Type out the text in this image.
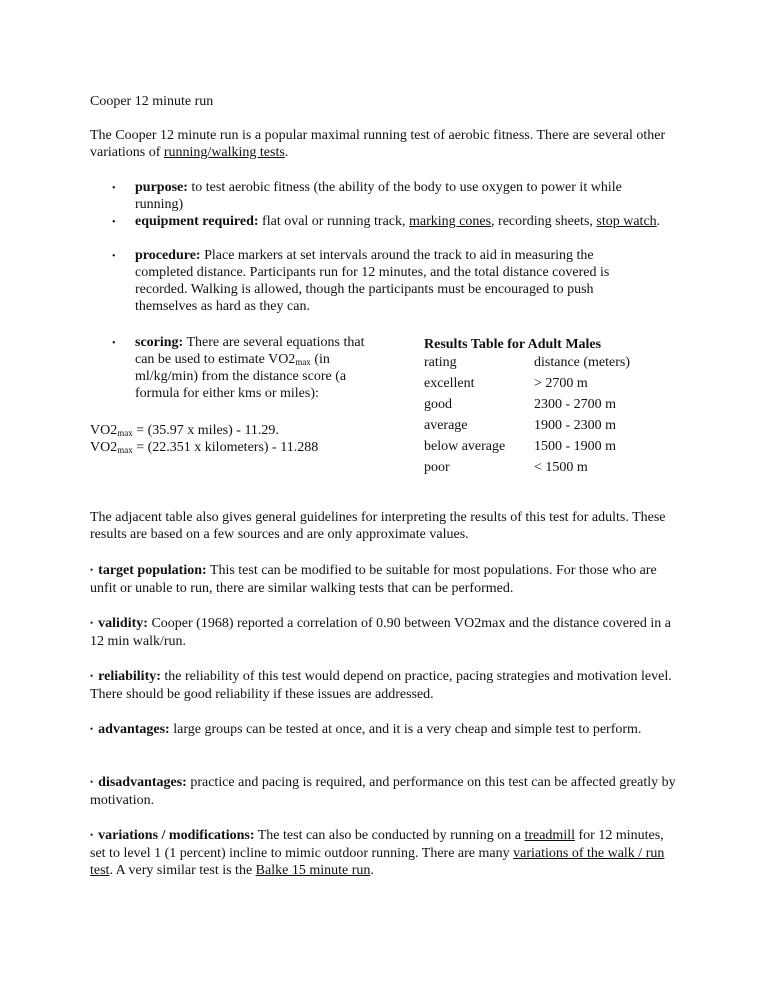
Cooper 12 minute run

The Cooper 12 minute run is a popular maximal running test of aerobic fitness. There are several other variations of running/walking tests.

• purpose: to test aerobic fitness (the ability of the body to use oxygen to power it while running)

• equipment required: flat oval or running track, marking cones, recording sheets, stop watch.

• procedure: Place markers at set intervals around the track to aid in measuring the completed distance. Participants run for 12 minutes, and the total distance covered is recorded. Walking is allowed, though the participants must be encouraged to push themselves as hard as they can.

• scoring: There are several equations that can be used to estimate $VO2_{max}$ (in ml/kg/min) from the distance score (a formula for either kms or miles):

$VO2_{max} = (35.97$ x miles) - 11.29.

$VO2_{max} = (22.351$ x kilometers) - 11.288

Results Table for Adult Males
rating	distance (meters)
excellent	> 2700 m
good	2300 - 2700 m
average	1900 - 2300 m
below average	1500 - 1900 m
poor	< 1500 m

The adjacent table also gives general guidelines for interpreting the results of this test for adults. These results are based on a few sources and are only approximate values.

• target population: This test can be modified to be suitable for most populations. For those who are unfit or unable to run, there are similar walking tests that can be performed.

• validity: Cooper (1968) reported a correlation of 0.90 between VO2max and the distance covered in a 12 min walk/run.

• reliability: the reliability of this test would depend on practice, pacing strategies and motivation level. There should be good reliability if these issues are addressed.

• advantages: large groups can be tested at once, and it is a very cheap and simple test to perform.

• disadvantages: practice and pacing is required, and performance on this test can be affected greatly by motivation.

• variations / modifications: The test can also be conducted by running on a treadmill for 12 minutes, set to level 1 (1 percent) incline to mimic outdoor running. There are many variations of the walk / run test. A very similar test is the Balke 15 minute run.
